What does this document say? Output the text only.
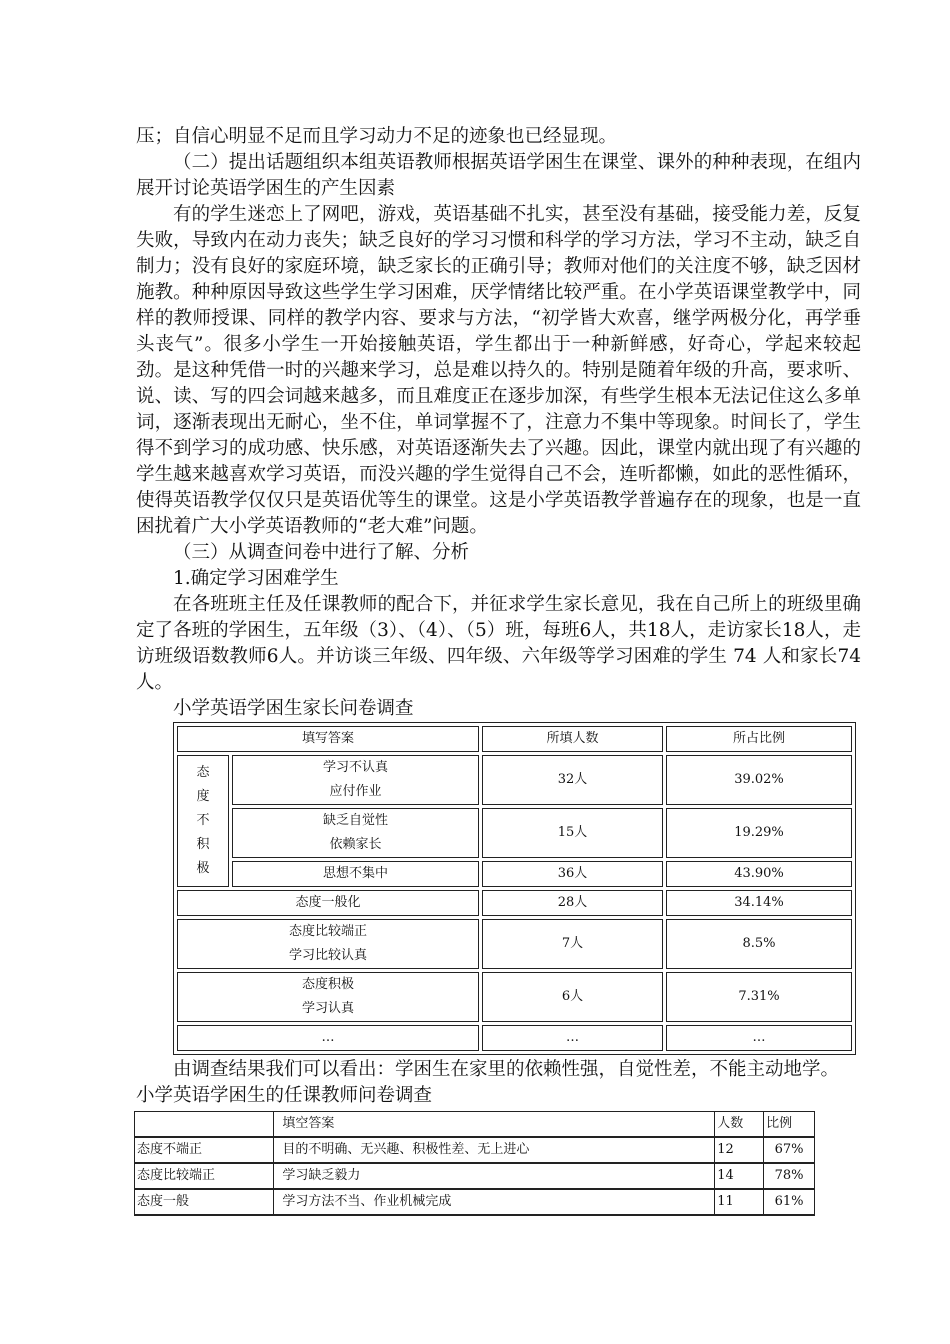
压；自信心明显不足而且学习动力不足的迹象也已经显现。

（二）提出话题组织本组英语教师根据英语学困生在课堂、课外的种种表现，在组内展开讨论英语学困生的产生因素

有的学生迷恋上了网吧，游戏，英语基础不扎实，甚至没有基础，接受能力差，反复失败，导致内在动力丧失；缺乏良好的学习习惯和科学的学习方法，学习不主动，缺乏自制力；没有良好的家庭环境，缺乏家长的正确引导；教师对他们的关注度不够，缺乏因材施教。种种原因导致这些学生学习困难，厌学情绪比较严重。在小学英语课堂教学中，同样的教师授课、同样的教学内容、要求与方法，“初学皆大欢喜，继学两极分化，再学垂头丧气”。很多小学生一开始接触英语，学生都出于一种新鲜感，好奇心，学起来较起劲。是这种凭借一时的兴趣来学习，总是难以持久的。特别是随着年级的升高，要求听、说、读、写的四会词越来越多，而且难度正在逐步加深，有些学生根本无法记住这么多单词，逐渐表现出无耐心，坐不住，单词掌握不了，注意力不集中等现象。时间长了，学生得不到学习的成功感、快乐感，对英语逐渐失去了兴趣。因此，课堂内就出现了有兴趣的学生越来越喜欢学习英语，而没兴趣的学生觉得自己不会，连听都懒，如此的恶性循环，使得英语教学仅仅只是英语优等生的课堂。这是小学英语教学普遍存在的现象，也是一直困扰着广大小学英语教师的“老大难”问题。

（三）从调查问卷中进行了解、分析

1.确定学习困难学生

在各班班主任及任课教师的配合下，并征求学生家长意见，我在自己所上的班级里确定了各班的学困生，五年级（3）、（4）、（5）班，每班6人，共18人，走访家长18人，走访班级语数教师6人。并访谈三年级、四年级、六年级等学习困难的学生 74 人和家长74人。

小学英语学困生家长问卷调查

填写答案		所填人数	所占比例

态
度
不
积
极	学习不认真
应付作业	32人	39.02%

	缺乏自觉性
依赖家长	15人	19.29%
	思想不集中	36人	43.90%
态度一般化		28人	34.14%

态度比较端正
学习比较认真		7人	8.5%

态度积极
学习认真		6人	7.31%
…		…	…

由调查结果我们可以看出：学困生在家里的依赖性强，自觉性差，不能主动地学。

小学英语学困生的任课教师问卷调查

	填空答案	人数	比例
态度不端正	目的不明确、无兴趣、积极性差、无上进心	12	67%
态度比较端正	学习缺乏毅力	14	78%
态度一般	学习方法不当、作业机械完成	11	61%
